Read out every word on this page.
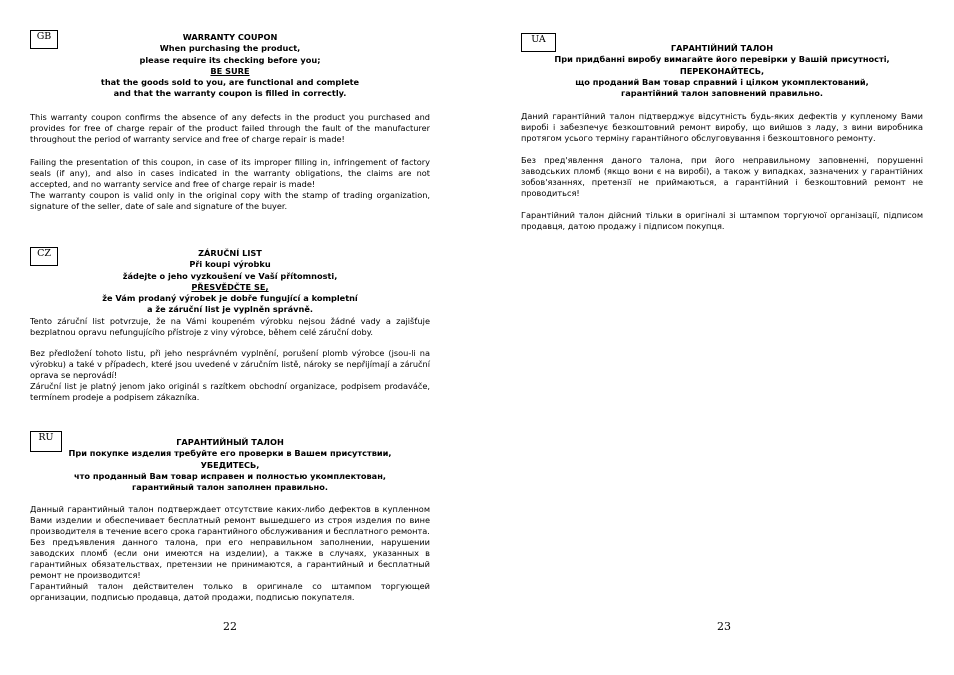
GB	WARRANTY COUPON
When purchasing the product,
please require its checking before you;
BE SURE
that the goods sold to you, are functional and complete
and that the warranty coupon is filled in correctly.

This warranty coupon confirms the absence of any defects in the product you purchased and provides for free of charge repair of the product failed through the fault of the manufacturer throughout the period of warranty service and free of charge repair is made!

Failing the presentation of this coupon, in case of its improper filling in, infringement of factory seals (if any), and also in cases indicated in the warranty obligations, the claims are not accepted, and no warranty service and free of charge repair is made!

The warranty coupon is valid only in the original copy with the stamp of trading organization, signature of the seller, date of sale and signature of the buyer.

CZ	ZÁRUČNÍ LIST
Při koupi výrobku
žádejte o jeho vyzkoušení ve Vaší přítomnosti,
PŘESVĚDČTE SE,
že Vám prodaný výrobek je dobře fungující a kompletní
a že záruční list je vyplněn správně.

Tento záruční list potvrzuje, že na Vámi koupeném výrobku nejsou žádné vady a zajišťuje bezplatnou opravu nefungujícího přístroje z viny výrobce, během celé záruční doby.

Bez předložení tohoto listu, při jeho nesprávném vyplnění, porušení plomb výrobce (jsou-li na výrobku) a také v případech, které jsou uvedené v záručním listě, nároky se nepřijímají a záruční oprava se neprovádí!

Záruční list je platný jenom jako originál s razítkem obchodní organizace, podpisem prodaváče, termínem prodeje a podpisem zákazníka.

RU	ГАРАНТИЙНЫЙ ТАЛОН
При покупке изделия требуйте его проверки в Вашем присутствии,
УБЕДИТЕСЬ,
что проданный Вам товар исправен и полностью укомплектован,
гарантийный талон заполнен правильно.

Данный гарантийный талон подтверждает отсутствие каких-либо дефектов в купленном Вами изделии и обеспечивает бесплатный ремонт вышедшего из строя изделия по вине производителя в течение всего срока гарантийного обслуживания и бесплатного ремонта.

Без предъявления данного талона, при его неправильном заполнении, нарушении заводских пломб (если они имеются на изделии), а также в случаях, указанных в гарантийных обязательствах, претензии не принимаются, а гарантийный и бесплатный ремонт не производится!

Гарантийный талон действителен только в оригинале со штампом торгующей организации, подписью продавца, датой продажи, подписью покупателя.

22
UA
ГАРАНТІЙНИЙ ТАЛОН
При придбанні виробу вимагайте його перевірки у Вашій присутності,
ПЕРЕКОНАЙТЕСЬ,
що проданий Вам товар справний і цілком укомплектований,
гарантійний талон заповнений правильно.

Даний гарантійний талон підтверджує відсутність будь-яких дефектів у купленому Вами виробі і забезпечує безкоштовний ремонт виробу, що вийшов з ладу, з вини виробника протягом усього терміну гарантійного обслуговування і безкоштовного ремонту.

Без пред'явлення даного талона, при його неправильному заповненні, порушенні заводських пломб (якщо вони є на виробі), а також у випадках, зазначених у гарантійних зобов'язаннях, претензії не приймаються, а гарантійний і безкоштовний ремонт не проводиться!

Гарантійний талон дійсний тільки в оригіналі зі штампом торгуючої організації, підписом продавця, датою продажу і підписом покупця.

23
